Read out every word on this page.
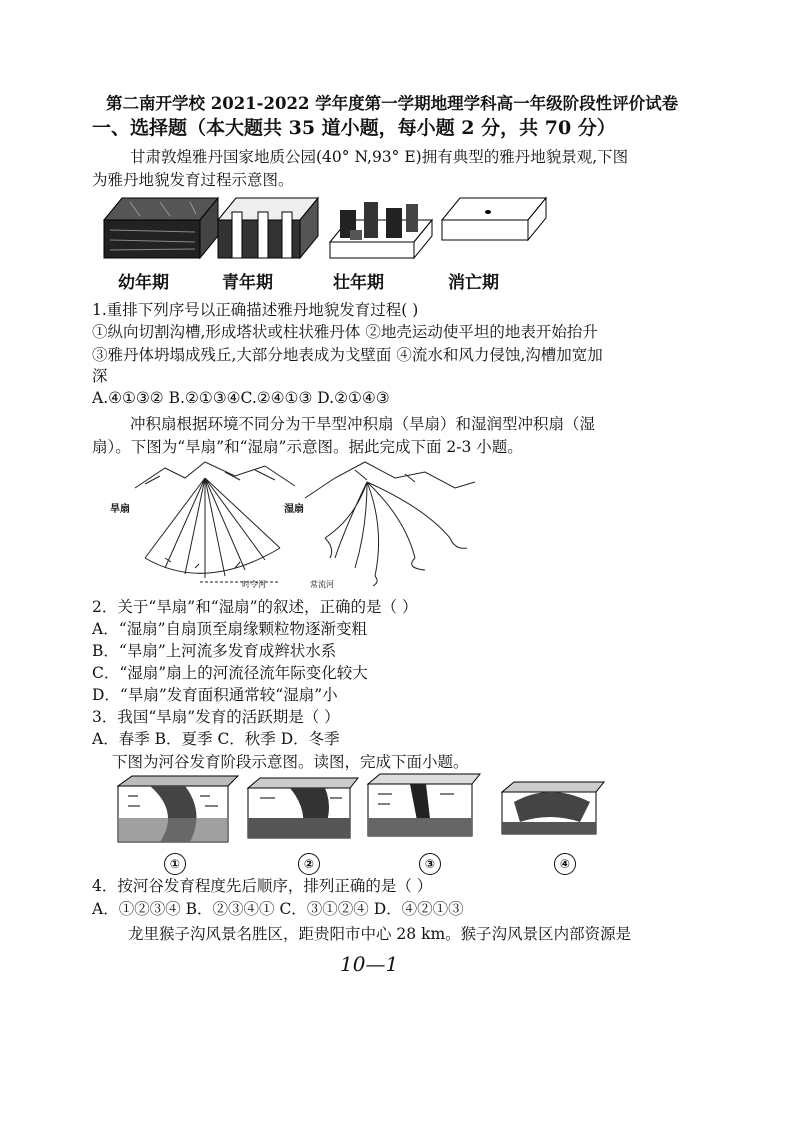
第二南开学校 2021-2022 学年度第一学期地理学科高一年级阶段性评价试卷
一、选择题（本大题共 35 道小题，每小题 2 分，共 70 分）
甘肃敦煌雅丹国家地质公园(40° N,93° E)拥有典型的雅丹地貌景观,下图
为雅丹地貌发育过程示意图。
幼年期	青年期	壮年期	消亡期
1.重排下列序号以正确描述雅丹地貌发育过程( )
①纵向切割沟槽,形成塔状或柱状雅丹体 ②地壳运动使平坦的地表开始抬升
③雅丹体坍塌成残丘,大部分地表成为戈壁面 ④流水和风力侵蚀,沟槽加宽加
深
A.④①③② B.②①③④C.②④①③ D.②①④③
冲积扇根据环境不同分为干旱型冲积扇（旱扇）和湿润型冲积扇（湿
扇）。下图为“旱扇”和“湿扇”示意图。据此完成下面 2-3 小题。
旱扇	湿扇
时令河	常流河
2．关于“旱扇”和“湿扇”的叙述，正确的是（ ）
A．“湿扇”自扇顶至扇缘颗粒物逐渐变粗
B．“旱扇”上河流多发育成辫状水系
C．“湿扇”扇上的河流径流年际变化较大
D．“旱扇”发育面积通常较“湿扇”小
3．我国“旱扇”发育的活跃期是（ ）
A．春季 B．夏季 C．秋季 D．冬季
下图为河谷发育阶段示意图。读图，完成下面小题。
①	②	③	④
4．按河谷发育程度先后顺序，排列正确的是（ ）
A．①②③④ B．②③④① C．③①②④ D．④②①③
龙里猴子沟风景名胜区，距贵阳市中心 28 km。猴子沟风景区内部资源是
10—1
